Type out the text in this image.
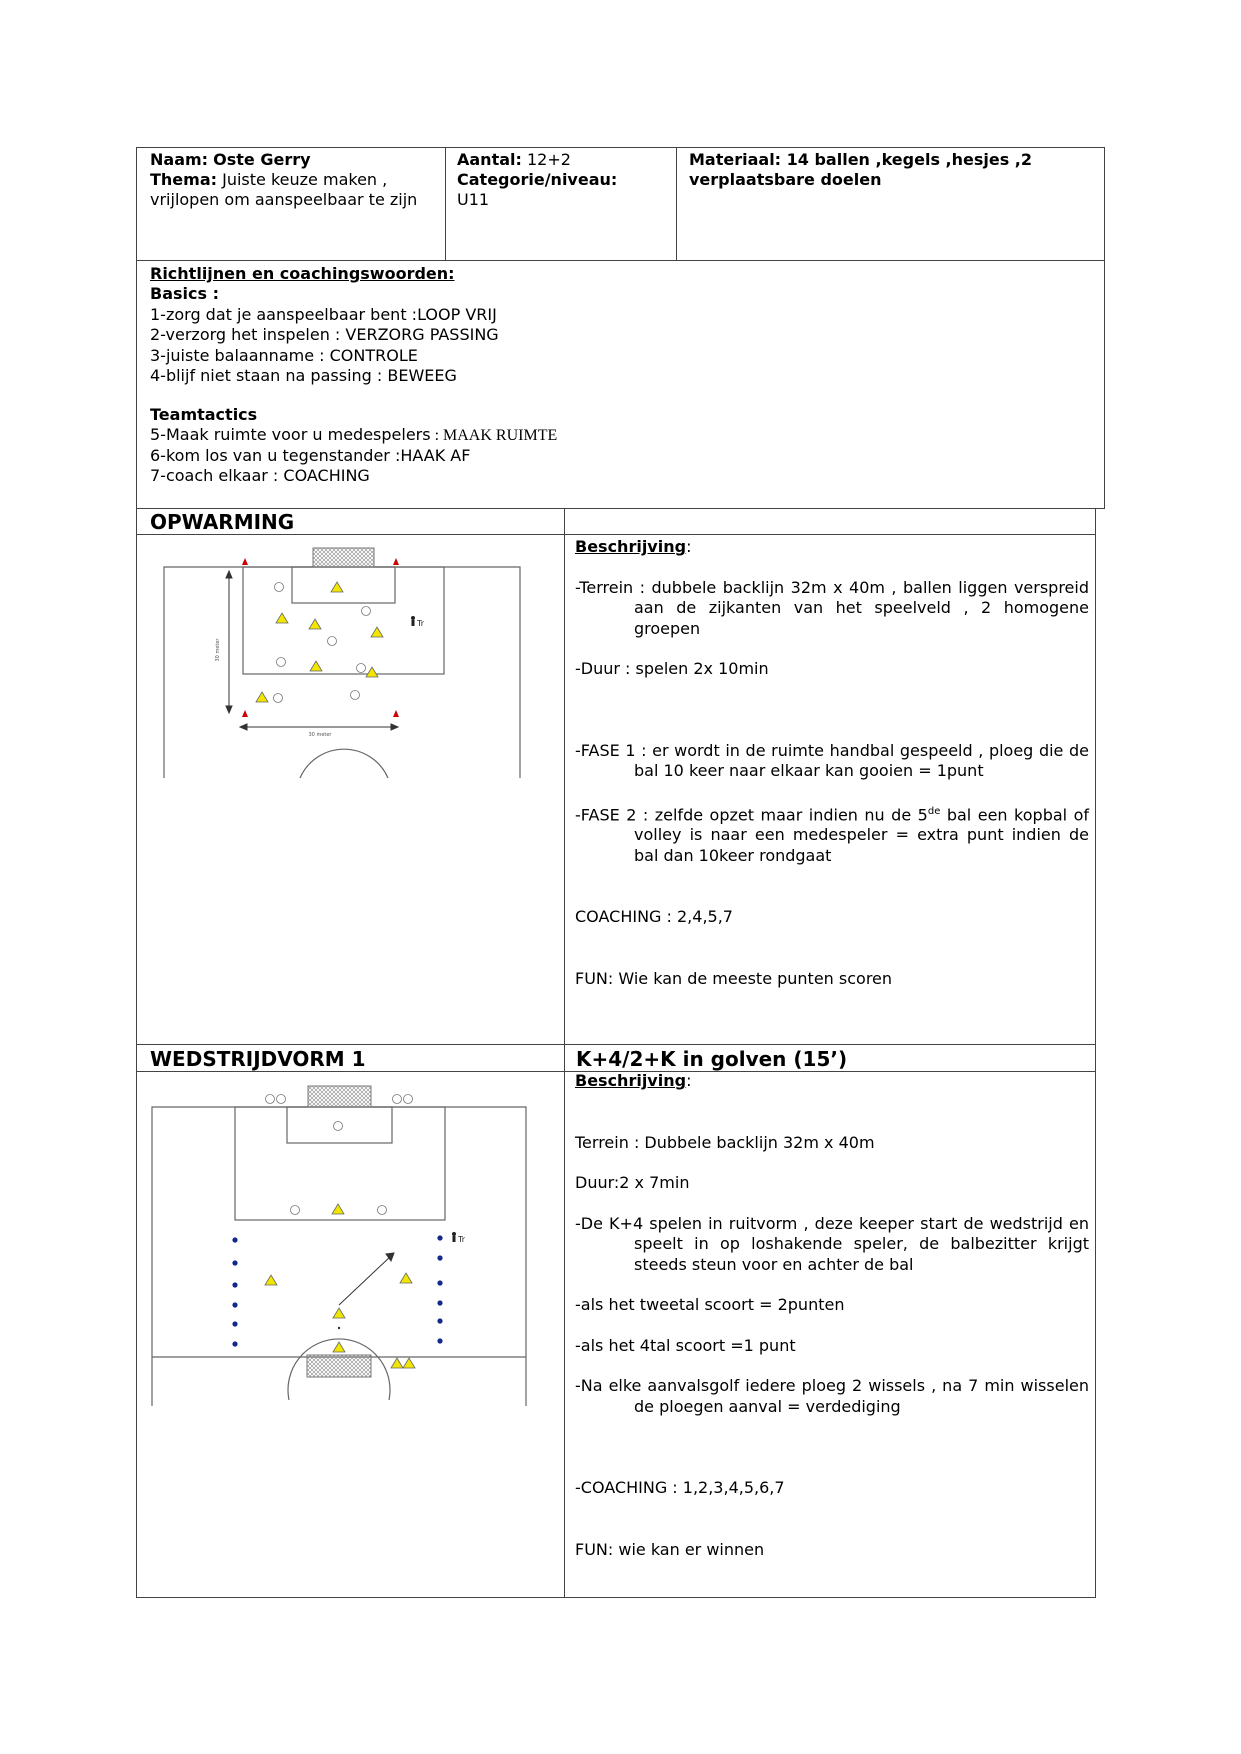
Naam: Oste Gerry
Thema: Juiste keuze maken ,
vrijlopen om aanspeelbaar te zijn
Aantal: 12+2
Categorie/niveau:
U11
Materiaal: 14 ballen ,kegels ,hesjes ,2
verplaatsbare doelen
Richtlijnen en coachingswoorden:
Basics :
1-zorg dat je aanspeelbaar bent :LOOP VRIJ
2-verzorg het inspelen : VERZORG PASSING
3-juiste balaanname : CONTROLE
4-blijf niet staan na passing : BEWEEG
Teamtactics
5-Maak ruimte voor u medespelers : MAAK RUIMTE
6-kom los van u tegenstander :HAAK AF
7-coach elkaar : COACHING
OPWARMING
30 meter
30 meter
Tr

Beschrijving:

-Terrein : dubbele backlijn 32m x 40m , ballen liggen verspreid aan de zijkanten van het speelveld , 2 homogene groepen

-Duur : spelen 2x 10min

-FASE 1 : er wordt in de ruimte handbal gespeeld , ploeg die de bal 10 keer naar elkaar kan gooien = 1punt

-FASE 2 : zelfde opzet maar indien nu de 5de bal een kopbal of volley is naar een medespeler = extra punt indien de bal dan 10keer rondgaat

COACHING : 2,4,5,7

FUN: Wie kan de meeste punten scoren

WEDSTRIJDVORM 1	K+4/2+K in golven (15’)
Tr

Beschrijving:

Terrein : Dubbele backlijn 32m x 40m

Duur:2 x 7min

-De K+4 spelen in ruitvorm , deze keeper start de wedstrijd en speelt in op loshakende speler, de balbezitter krijgt steeds steun voor en achter de bal

-als het tweetal scoort = 2punten

-als het 4tal scoort =1 punt

-Na elke aanvalsgolf iedere ploeg 2 wissels , na 7 min wisselen de ploegen aanval = verdediging

-COACHING : 1,2,3,4,5,6,7

FUN: wie kan er winnen
